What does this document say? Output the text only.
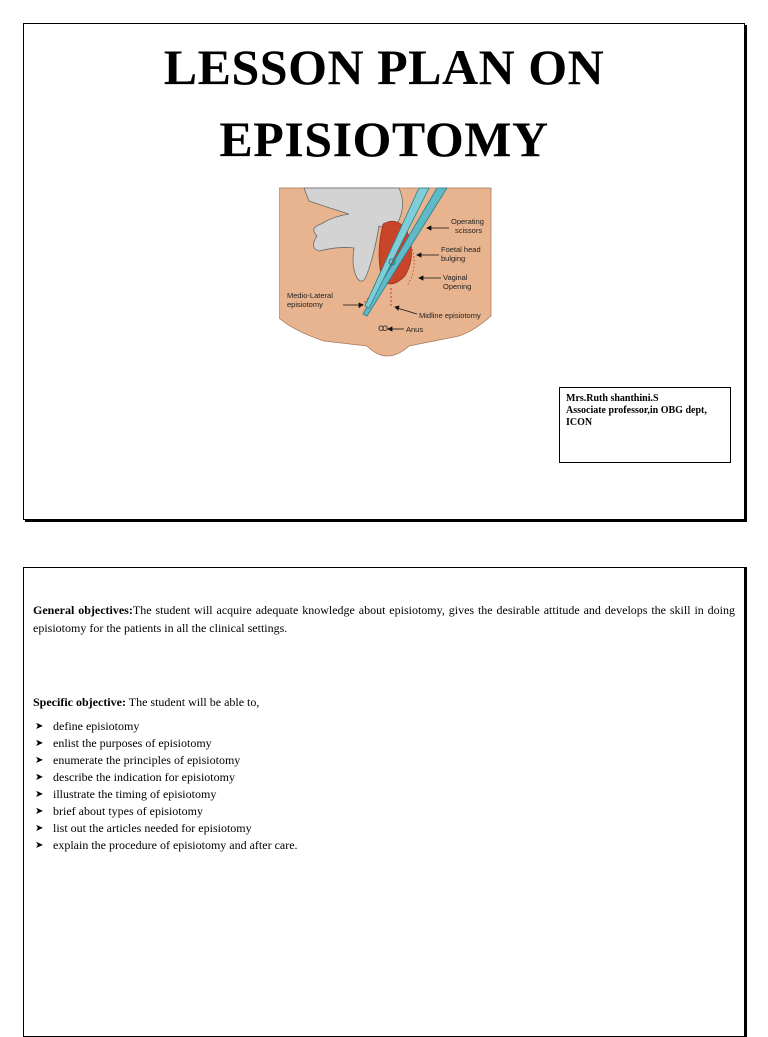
LESSON PLAN ON
EPISIOTOMY
ꝏ
Operating
scissors
Foetal head
bulging
Vaginal
Opening
Medio-Lateral
episiotomy
Midline episiotomy
Anus
Mrs.Ruth shanthini.S
Associate professor,in OBG dept,
ICON
General objectives:The student will acquire adequate knowledge about episiotomy, gives the desirable attitude and develops the skill in doing episiotomy for the patients in all the clinical settings.
Specific objective: The student will be able to,
➤ define episiotomy
➤ enlist the purposes of episiotomy
➤ enumerate the principles of episiotomy
➤ describe the indication for episiotomy
➤ illustrate the timing of episiotomy
➤ brief about types of episiotomy
➤ list out the articles needed for episiotomy
➤ explain the procedure of episiotomy and after care.
